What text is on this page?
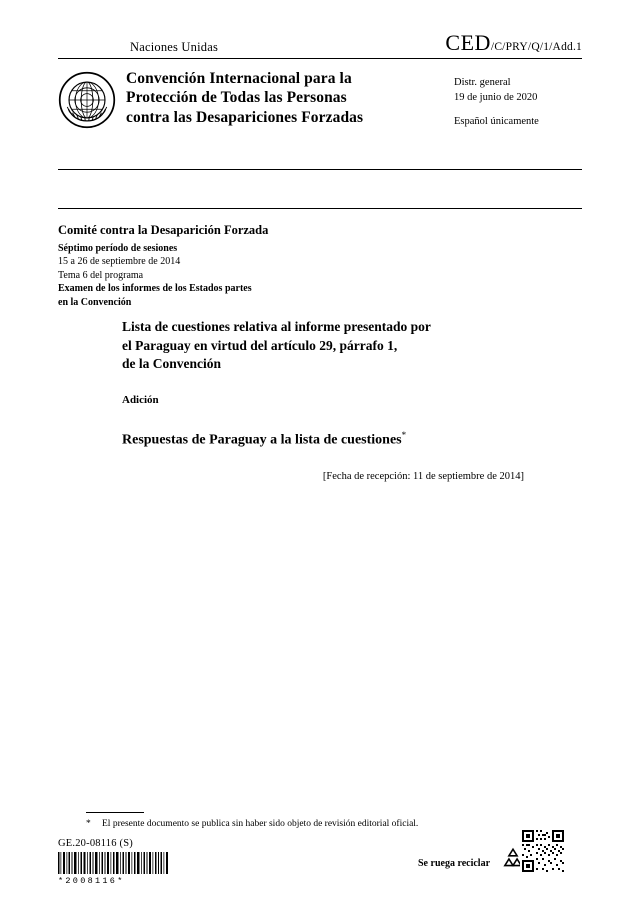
Naciones Unidas	CED /C/PRY/Q/1/Add.1
Convención Internacional para la
Protección de Todas las Personas
contra las Desapariciones Forzadas
Distr. general
19 de junio de 2020
Español únicamente
Comité contra la Desaparición Forzada
Séptimo período de sesiones
15 a 26 de septiembre de 2014
Tema 6 del programa
Examen de los informes de los Estados partes
en la Convención
Lista de cuestiones relativa al informe presentado por
el Paraguay en virtud del artículo 29, párrafo 1,
de la Convención
Adición
Respuestas de Paraguay a la lista de cuestiones*
[Fecha de recepción: 11 de septiembre de 2014]
* El presente documento se publica sin haber sido objeto de revisión editorial oficial.
GE.20-08116 (S)
*2008116*
Se ruega reciclar
